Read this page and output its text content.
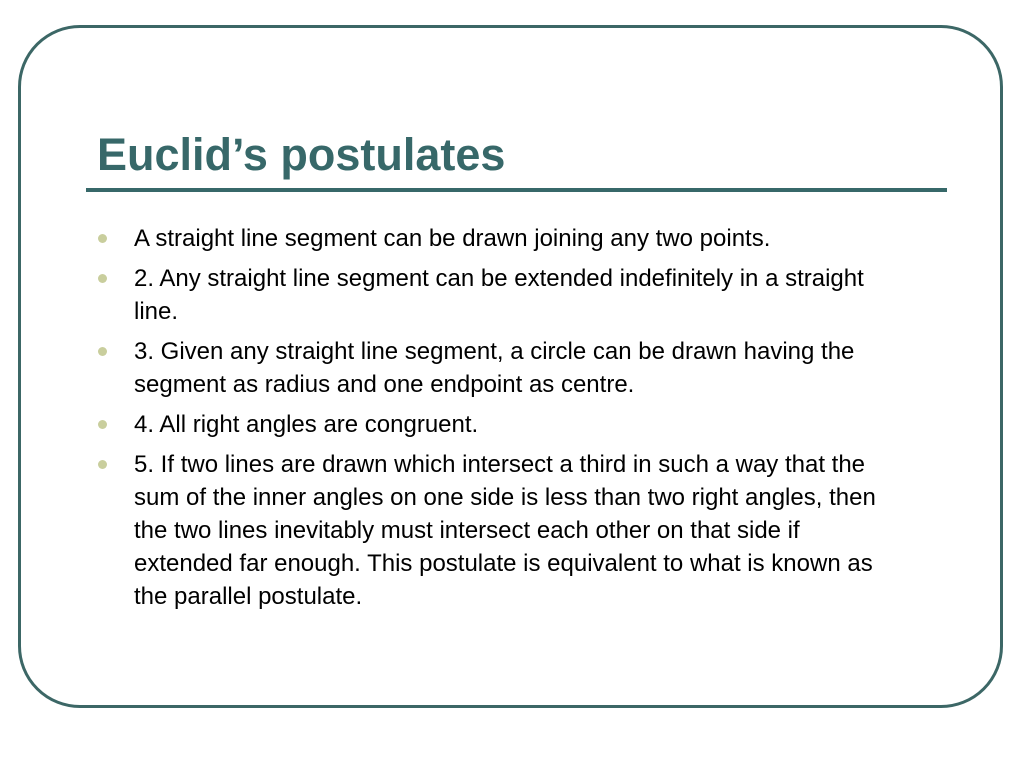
Euclid’s postulates
A straight line segment can be drawn joining any two points.
2. Any straight line segment can be extended indefinitely in a straight line.
3. Given any straight line segment, a circle can be drawn having the segment as radius and one endpoint as centre.
4. All right angles are congruent.
5. If two lines are drawn which intersect a third in such a way that the sum of the inner angles on one side is less than two right angles, then the two lines inevitably must intersect each other on that side if extended far enough. This postulate is equivalent to what is known as the parallel postulate.
